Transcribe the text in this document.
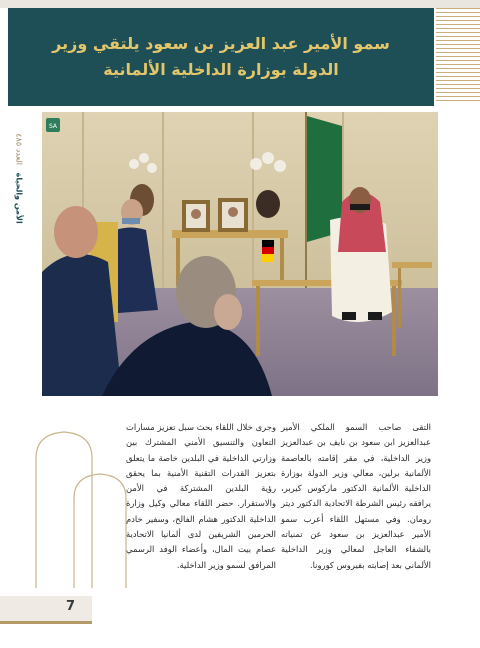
سمو الأمير عبد العزيز بن سعود يلتقي وزير
الدولة بوزارة الداخلية الألمانية
الأمن والحياة   العدد ٤٨٥
SA
التقى صاحب السمو الملكي الأمير عبدالعزيز ابن سعود بن نايف بن عبدالعزيز وزير الداخلية، في مقر إقامته بالعاصمة الألمانية برلين، معالي وزير الدولة بوزارة الداخلية الألمانية الدكتور ماركوس كيربر، يرافقه رئيس الشرطة الاتحادية الدكتور ديتر رومان. وفي مستهل اللقاء أعرب سمو الأمير عبدالعزيز بن سعود عن تمنياته بالشفاء العاجل لمعالي وزير الداخلية الألماني بعد إصابته بفيروس كورونا.
وجرى خلال اللقاء بحث سبل تعزيز مسارات التعاون والتنسيق الأمني المشترك بين وزارتي الداخلية في البلدين خاصة ما يتعلق بتعزيز القدرات التقنية الأمنية بما يحقق رؤية البلدين المشتركة في الأمن والاستقرار. حضر اللقاء معالي وكيل وزارة الداخلية الدكتور هشام الفالح، وسفير خادم الحرمين الشريفين لدى ألمانيا الاتحادية عصام بيت المال، وأعضاء الوفد الرسمي المرافق لسمو وزير الداخلية.
7
